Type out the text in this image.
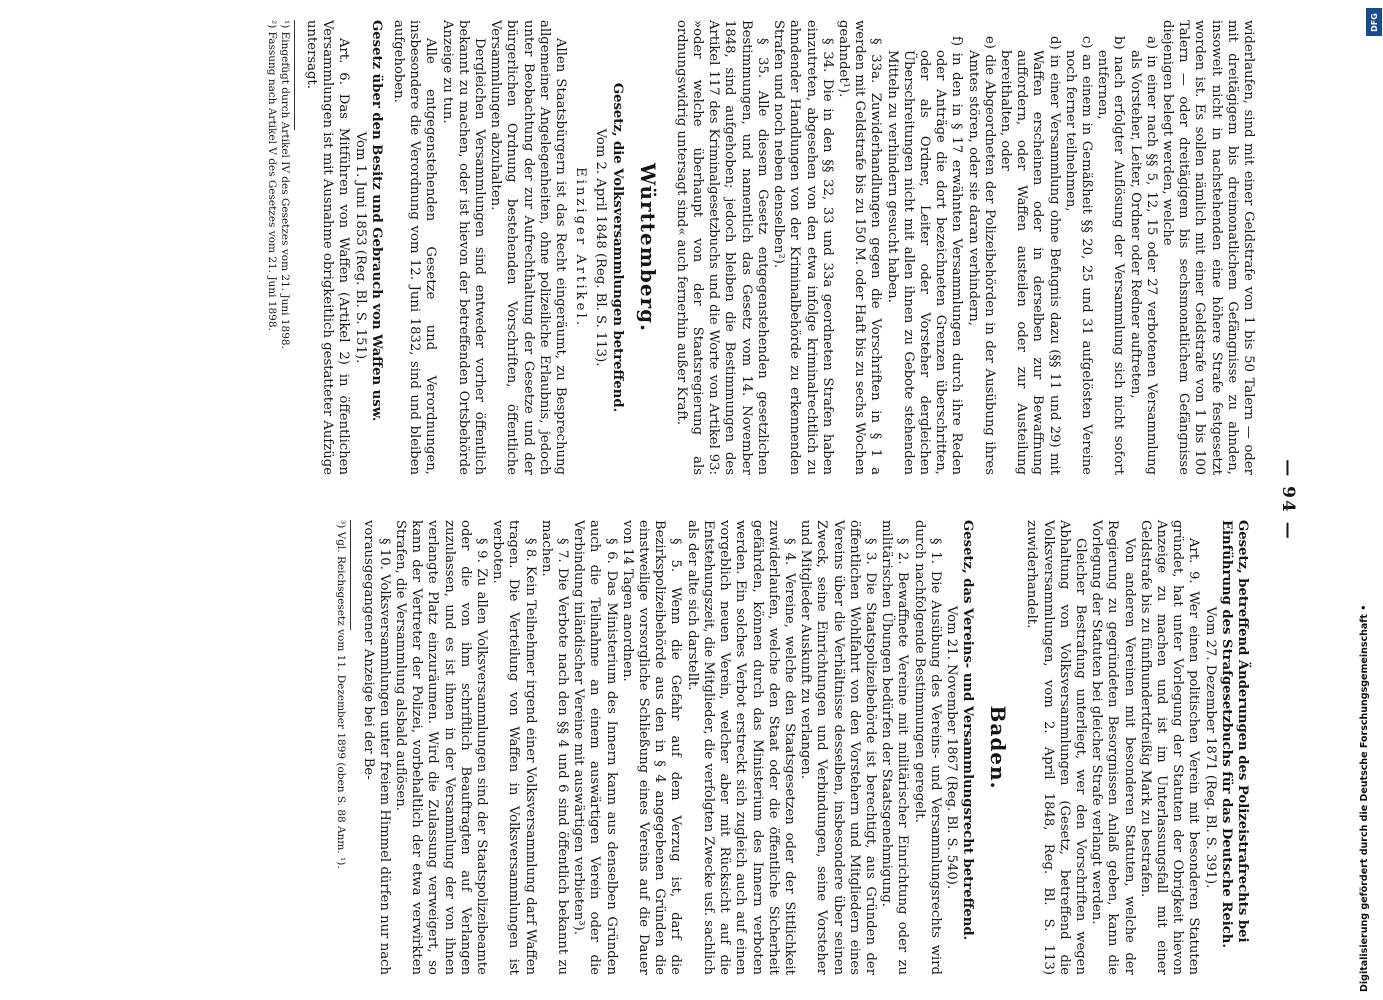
— 94 —

widerlaufen, sind mit einer Geldstrafe von 1 bis 50 Talern — oder mit dreitägigem bis dreimonatlichem Gefängnisse zu ahnden, insoweit nicht in nachstehenden eine höhere Strafe festgesetzt worden ist. Es sollen nämlich mit einer Geldstrafe von 1 bis 100 Talern — oder dreitägigem bis sechsmonatlichem Gefängnisse diejenigen belegt werden, welche

a) in einer nach §§ 5, 12, 15 oder 27 verbotenen Versammlung als Vorsteher, Leiter, Ordner oder Redner auftreten,

b) nach erfolgter Auflösung der Versammlung sich nicht sofort entfernen,

c) an einem in Gemäßheit §§ 20, 25 und 31 aufgelösten Vereine noch ferner teilnehmen,

d) in einer Versammlung ohne Befugnis dazu (§§ 11 und 29) mit Waffen erscheinen oder in derselben zur Bewaffnung auffordern, oder Waffen austeilen oder zur Austeilung bereithalten, oder

e) die Abgeordneten der Polizeibehörden in der Ausübung ihres Amtes stören, oder sie daran verhindern,

f) in den in § 17 erwähnten Versammlungen durch ihre Reden oder Anträge die dort bezeichneten Grenzen überschritten, oder als Ordner, Leiter oder Vorsteher dergleichen Überschreitungen nicht mit allen ihnen zu Gebote stehenden Mitteln zu verhindern gesucht haben.

§ 33a. Zuwiderhandlungen gegen die Vorschriften in § 1 a werden mit Geldstrafe bis zu 150 M. oder Haft bis zu sechs Wochen geahndet¹).

§ 34. Die in den §§ 32, 33 und 33a geordneten Strafen haben einzutreten, abgesehen von den etwa infolge kriminalrechtlich zu ahndender Handlungen von der Kriminalbehörde zu erkennenden Strafen und noch neben denselben²).

§ 35. Alle diesem Gesetz entgegenstehenden gesetzlichen Bestimmungen, und namentlich das Gesetz vom 14. November 1848, sind aufgehoben; jedoch bleiben die Bestimmungen des Artikel 117 des Kriminalgesetzbuchs und die Worte von Artikel 93: »oder welche überhaupt von der Staatsregierung als ordnungswidrig untersagt sind« auch fernerhin außer Kraft.

Württemberg.

Gesetz, die Volksversammlungen betreffend.

Vom 2. April 1848 (Reg. Bl. S. 113).

Einziger Artikel.

Allen Staatsbürgern ist das Recht eingeräumt, zu Besprechung allgemeiner Angelegenheiten, ohne polizeiliche Erlaubnis, jedoch unter Beobachtung der zur Aufrechthaltung der Gesetze und der bürgerlichen Ordnung bestehenden Vorschriften, öffentliche Versammlungen abzuhalten.

Dergleichen Versammlungen sind entweder vorher öffentlich bekannt zu machen, oder ist hievon der betreffenden Ortsbehörde Anzeige zu tun.

Alle entgegenstehenden Gesetze und Verordnungen, insbesondere die Verordnung vom 12. Juni 1832, sind und bleiben aufgehoben.

Gesetz über den Besitz und Gebrauch von Waffen usw.

Vom 1. Juni 1853 (Reg. Bl. S. 151).

Art. 6. Das Mitführen von Waffen (Artikel 2) in öffentlichen Versammlungen ist mit Ausnahme obrigkeitlich gestatteter Aufzüge untersagt.

¹) Eingefügt durch Artikel IV des Gesetzes vom 21. Juni 1898.

²) Fassung nach Artikel V des Gesetzes vom 21. Juni 1898.

Gesetz, betreffend Änderungen des Polizeistrafrechts bei Einführung des Strafgesetzbuchs für das Deutsche Reich.

Vom 27. Dezember 1871 (Reg. Bl. S. 391).

Art. 9. Wer einen politischen Verein mit besonderen Statuten gründet, hat unter Vorlegung der Statuten der Obrigkeit hievon Anzeige zu machen und ist im Unterlassungsfall mit einer Geldstrafe bis zu fünfhundertdreißig Mark zu bestrafen.

Von anderen Vereinen mit besonderen Statuten, welche der Regierung zu gegründeten Besorgnissen Anlaß geben, kann die Vorlegung der Statuten bei gleicher Strafe verlangt werden.

Gleicher Bestrafung unterliegt, wer den Vorschriften wegen Abhaltung von Volksversammlungen (Gesetz, betreffend die Volksversammlungen, vom 2. April 1848, Reg. Bl. S. 113) zuwiderhandelt.

Baden.

Gesetz, das Vereins- und Versammlungsrecht betreffend.

Vom 21. November 1867 (Reg. Bl. S. 540).

§ 1. Die Ausübung des Vereins- und Versammlungsrechts wird durch nachfolgende Bestimmungen geregelt.

§ 2. Bewaffnete Vereine mit militärischer Einrichtung oder zu militärischen Übungen bedürfen der Staatsgenehmigung.

§ 3. Die Staatspolizeibehörde ist berechtigt, aus Gründen der öffentlichen Wohlfahrt von den Vorstehern und Mitgliedern eines Vereins über die Verhältnisse desselben, insbesondere über seinen Zweck, seine Einrichtungen und Verbindungen, seine Vorsteher und Mitglieder Auskunft zu verlangen.

§ 4. Vereine, welche den Staatsgesetzen oder der Sittlichkeit zuwiderlaufen, welche den Staat oder die öffentliche Sicherheit gefährden, können durch das Ministerium des Innern verboten werden. Ein solches Verbot erstreckt sich zugleich auch auf einen vorgeblich neuen Verein, welcher aber mit Rücksicht auf die Entstehungszeit, die Mitglieder, die verfolgten Zwecke usf. sachlich als der alte sich darstellt.

§ 5. Wenn die Gefahr auf dem Verzug ist, darf die Bezirkspolizeibehörde aus den in § 4 angegebenen Gründen die einstweilige vorsorgliche Schließung eines Vereins auf die Dauer von 14 Tagen anordnen.

§ 6. Das Ministerium des Innern kann aus denselben Gründen auch die Teilnahme an einem auswärtigen Verein oder die Verbindung inländischer Vereine mit auswärtigen verbieten³).

§ 7. Die Verbote nach den §§ 4 und 6 sind öffentlich bekannt zu machen.

§ 8. Kein Teilnehmer irgend einer Volksversammlung darf Waffen tragen. Die Verteilung von Waffen in Volksversammlungen ist verboten.

§ 9. Zu allen Volksversammlungen sind der Staatspolizeibeamte oder die von ihm schriftlich Beauftragten auf Verlangen zuzulassen, und es ist ihnen in der Versammlung der von ihnen verlangte Platz einzuräumen. Wird die Zulassung verweigert, so kann der Vertreter der Polizei, vorbehaltlich der etwa verwirkten Strafen, die Versammlung alsbald auflösen.

§ 10. Volksversammlungen unter freiem Himmel dürfen nur nach vorausgegangener Anzeige bei der Be-

³) Vgl. Reichsgesetz vom 11. Dezember 1899 (oben S. 88 Anm. ¹).

DFG
Digitalisierung gefördert durch die Deutsche Forschungsgemeinschaft •
